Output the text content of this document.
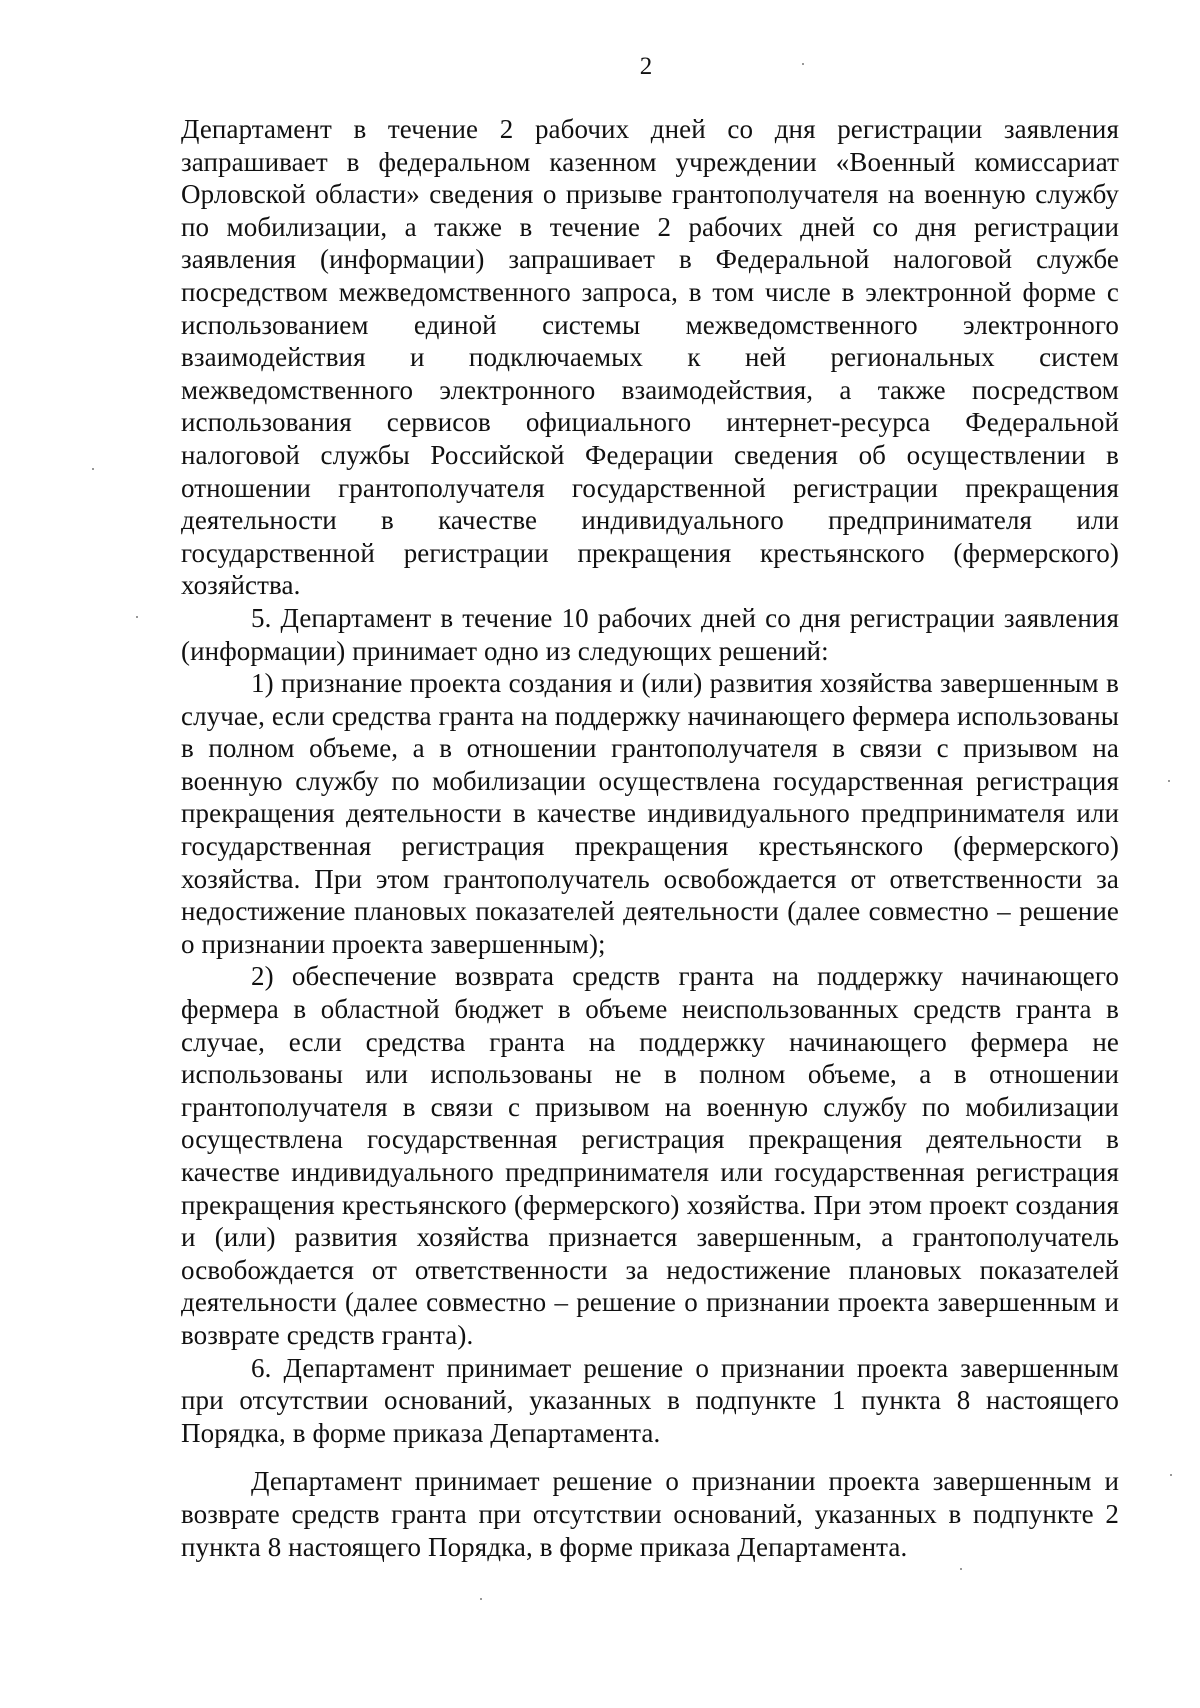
2

Департамент в течение 2 рабочих дней со дня регистрации заявления запрашивает в федеральном казенном учреждении «Военный комиссариат Орловской области» сведения о призыве грантополучателя на военную службу по мобилизации, а также в течение 2 рабочих дней со дня регистрации заявления (информации) запрашивает в Федеральной налоговой службе посредством межведомственного запроса, в том числе в электронной форме с использованием единой системы межведомственного электронного взаимодействия и подключаемых к ней региональных систем межведомственного электронного взаимодействия, а также посредством использования сервисов официального интернет-ресурса Федеральной налоговой службы Российской Федерации сведения об осуществлении в отношении грантополучателя государственной регистрации прекращения деятельности в качестве индивидуального предпринимателя или государственной регистрации прекращения крестьянского (фермерского) хозяйства.

5. Департамент в течение 10 рабочих дней со дня регистрации заявления (информации) принимает одно из следующих решений:

1) признание проекта создания и (или) развития хозяйства завершенным в случае, если средства гранта на поддержку начинающего фермера использованы в полном объеме, а в отношении грантополучателя в связи с призывом на военную службу по мобилизации осуществлена государственная регистрация прекращения деятельности в качестве индивидуального предпринимателя или государственная регистрация прекращения крестьянского (фермерского) хозяйства. При этом грантополучатель освобождается от ответственности за недостижение плановых показателей деятельности (далее совместно – решение о признании проекта завершенным);

2) обеспечение возврата средств гранта на поддержку начинающего фермера в областной бюджет в объеме неиспользованных средств гранта в случае, если средства гранта на поддержку начинающего фермера не использованы или использованы не в полном объеме, а в отношении грантополучателя в связи с призывом на военную службу по мобилизации осуществлена государственная регистрация прекращения деятельности в качестве индивидуального предпринимателя или государственная регистрация прекращения крестьянского (фермерского) хозяйства. При этом проект создания и (или) развития хозяйства признается завершенным, а грантополучатель освобождается от ответственности за недостижение плановых показателей деятельности (далее совместно – решение о признании проекта завершенным и возврате средств гранта).

6. Департамент принимает решение о признании проекта завершенным при отсутствии оснований, указанных в подпункте 1 пункта 8 настоящего Порядка, в форме приказа Департамента.

Департамент принимает решение о признании проекта завершенным и возврате средств гранта при отсутствии оснований, указанных в подпункте 2 пункта 8 настоящего Порядка, в форме приказа Департамента.
